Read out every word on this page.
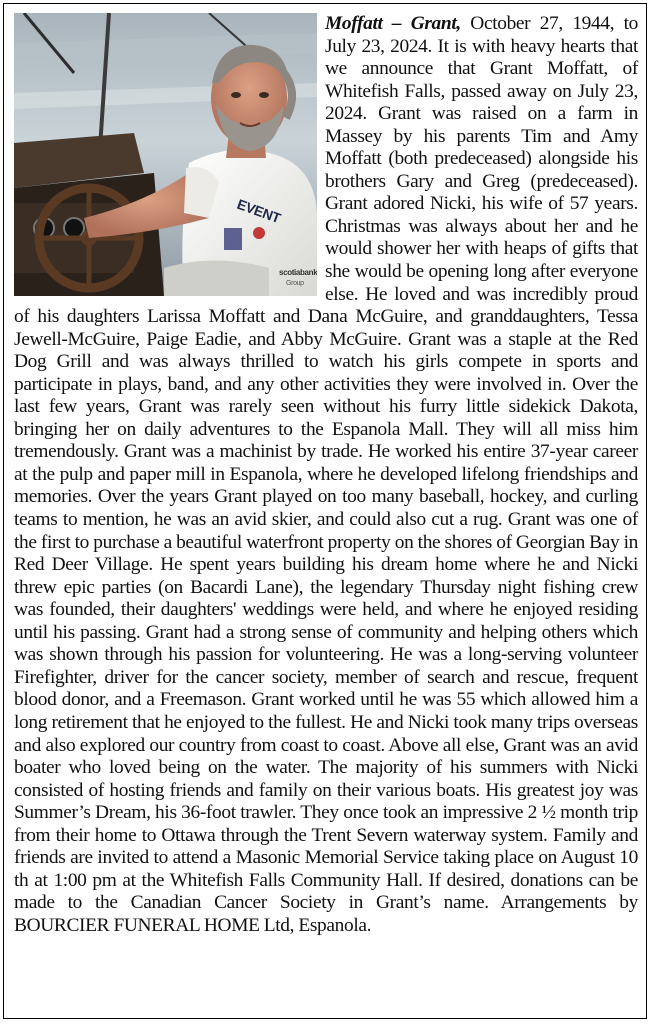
EVENT
scotiabank
Group

Moffatt – Grant, October 27, 1944, to July 23, 2024. It is with heavy hearts that we announce that Grant Moffatt, of Whitefish Falls, passed away on July 23, 2024. Grant was raised on a farm in Massey by his parents Tim and Amy Moffatt (both predeceased) alongside his brothers Gary and Greg (predeceased). Grant adored Nicki, his wife of 57 years. Christmas was always about her and he would shower her with heaps of gifts that she would be opening long after everyone else. He loved and was incredibly proud of his daughters Larissa Moffatt and Dana McGuire, and granddaughters, Tessa Jewell-McGuire, Paige Eadie, and Abby McGuire. Grant was a staple at the Red Dog Grill and was always thrilled to watch his girls compete in sports and participate in plays, band, and any other activities they were involved in. Over the last few years, Grant was rarely seen without his furry little sidekick Dakota, bringing her on daily adventures to the Espanola Mall. They will all miss him tremendously. Grant was a machinist by trade. He worked his entire 37-year career at the pulp and paper mill in Espanola, where he developed lifelong friendships and memories. Over the years Grant played on too many baseball, hockey, and curling teams to mention, he was an avid skier, and could also cut a rug. Grant was one of the first to purchase a beautiful waterfront property on the shores of Georgian Bay in Red Deer Village. He spent years building his dream home where he and Nicki threw epic parties (on Bacardi Lane), the legendary Thursday night fishing crew was founded, their daughters' weddings were held, and where he enjoyed residing until his passing. Grant had a strong sense of community and helping others which was shown through his passion for volunteering. He was a long-serving volunteer Firefighter, driver for the cancer society, member of search and rescue, frequent blood donor, and a Freemason. Grant worked until he was 55 which allowed him a long retirement that he enjoyed to the fullest. He and Nicki took many trips overseas and also explored our country from coast to coast. Above all else, Grant was an avid boater who loved being on the water. The majority of his summers with Nicki consisted of hosting friends and family on their various boats. His greatest joy was Summer’s Dream, his 36-foot trawler. They once took an impressive 2 ½ month trip from their home to Ottawa through the Trent Severn waterway system. Family and friends are invited to attend a Masonic Memorial Service taking place on August 10 th at 1:00 pm at the Whitefish Falls Community Hall. If desired, donations can be made to the Canadian Cancer Society in Grant’s name. Arrangements by BOURCIER FUNERAL HOME Ltd, Espanola.
